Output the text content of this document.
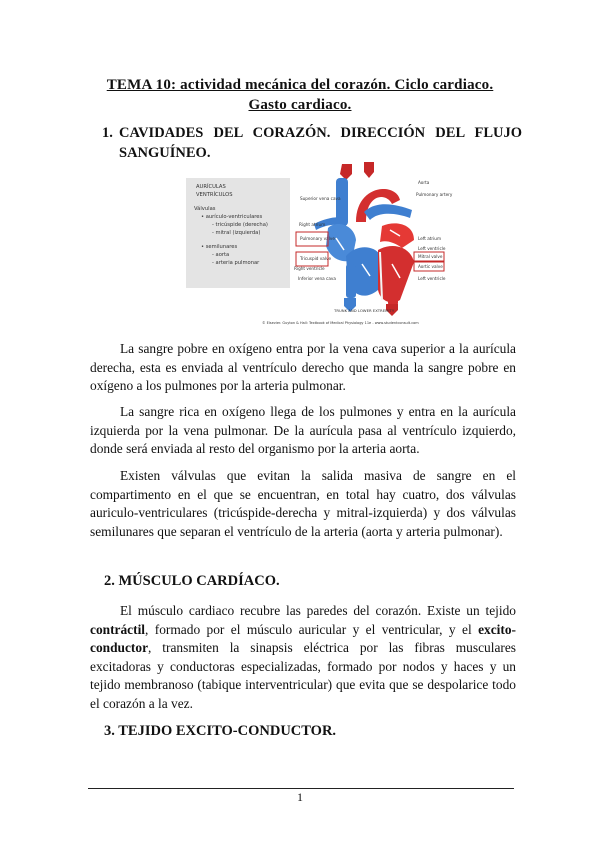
TEMA 10: actividad mecánica del corazón. Ciclo cardiaco.
Gasto cardiaco.
1. CAVIDADES DEL CORAZÓN. DIRECCIÓN DEL FLUJO
SANGUÍNEO.
AURÍCULAS
VENTRÍCULOS
Válvulas
• aurículo-ventriculares
- tricúspide (derecha)
- mitral (izquierda)
• semilunares
- aorta
- arteria pulmonar
Superior vena cava
Right atrium
Pulmonary valve
Tricuspid valve
Right ventricle
Inferior vena cava
Aorta
Pulmonary artery
Left atrium
Left ventricle
Mitral valve
Aortic valve
Left ventricle
TRUNK AND LOWER EXTREMITY
© Elsevier. Guyton & Hall: Textbook of Medical Physiology 11e - www.studentconsult.com

La sangre pobre en oxígeno entra por la vena cava superior a la aurícula derecha, esta es enviada al ventrículo derecho que manda la sangre pobre en oxígeno a los pulmones por la arteria pulmonar.

La sangre rica en oxígeno llega de los pulmones y entra en la aurícula izquierda por la vena pulmonar. De la aurícula pasa al ventrículo izquierdo, donde será enviada al resto del organismo por la arteria aorta.

Existen válvulas que evitan la salida masiva de sangre en el compartimento en el que se encuentran, en total hay cuatro, dos válvulas auriculo-ventriculares (tricúspide-derecha y mitral-izquierda) y dos válvulas semilunares que separan el ventrículo de la arteria (aorta y arteria pulmonar).

2. MÚSCULO CARDÍACO.

El músculo cardiaco recubre las paredes del corazón. Existe un tejido contráctil, formado por el músculo auricular y el ventricular, y el excito-conductor, transmiten la sinapsis eléctrica por las fibras musculares excitadoras y conductoras especializadas, formado por nodos y haces y un tejido membranoso (tabique interventricular) que evita que se despolarice todo el corazón a la vez.

3. TEJIDO EXCITO-CONDUCTOR.
1
